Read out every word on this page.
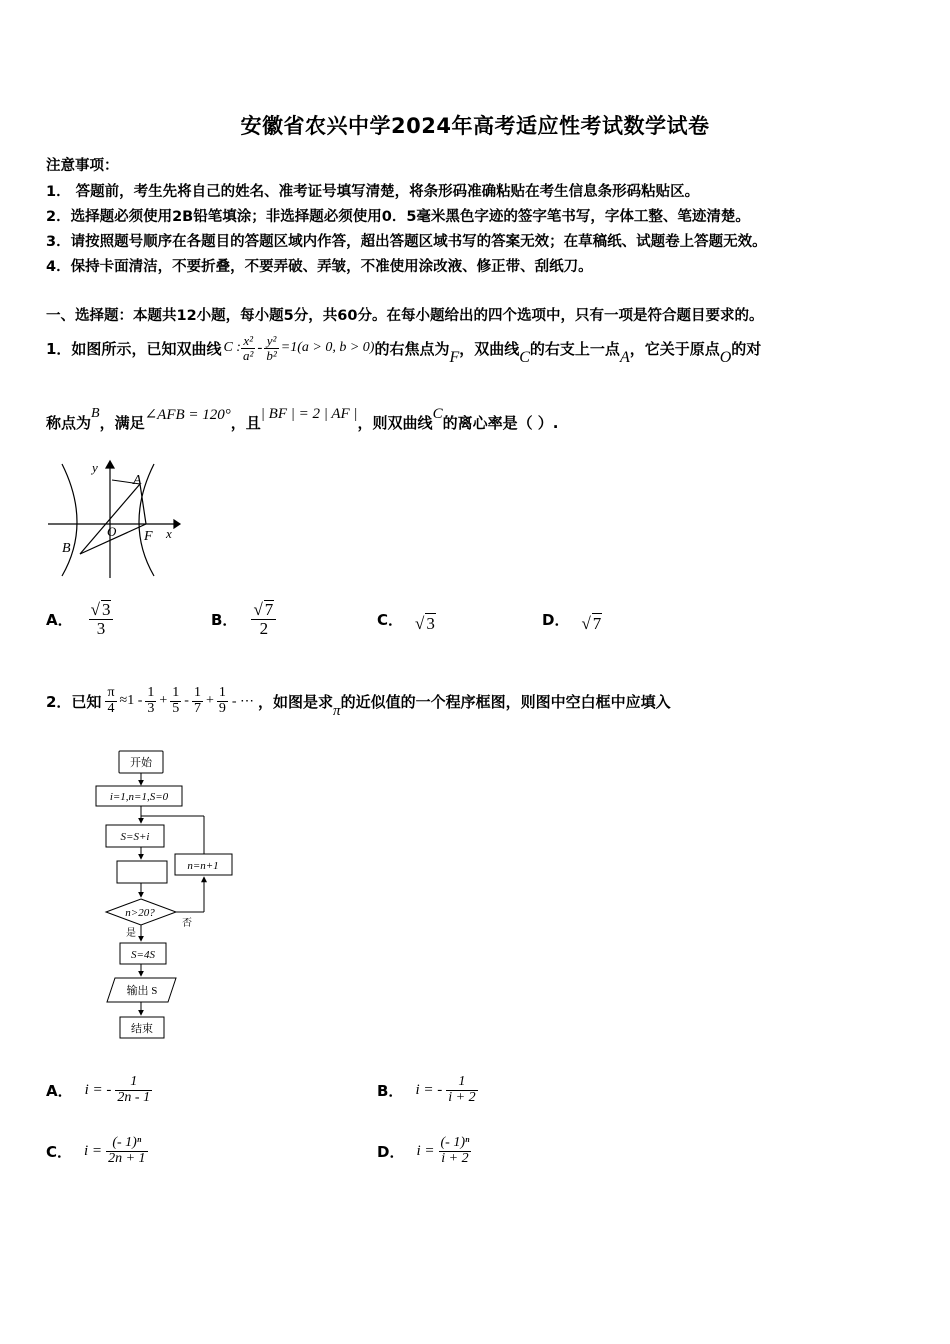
安徽省农兴中学2024年高考适应性考试数学试卷
注意事项：
1． 答题前，考生先将自己的姓名、准考证号填写清楚，将条形码准确粘贴在考生信息条形码粘贴区。
2．选择题必须使用2B铅笔填涂；非选择题必须使用0．5毫米黑色字迹的签字笔书写，字体工整、笔迹清楚。
3．请按照题号顺序在各题目的答题区域内作答，超出答题区域书写的答案无效；在草稿纸、试题卷上答题无效。
4．保持卡面清洁，不要折叠，不要弄破、弄皱，不准使用涂改液、修正带、刮纸刀。
一、选择题：本题共12小题，每小题5分，共60分。在每小题给出的四个选项中，只有一项是符合题目要求的。
1．如图所示，已知双曲线 C : $\frac{\text{x²}}{\text{a²}} - \frac{\text{y²}}{\text{b²}} =1(a > 0$, b > 0) 的右焦点为 F ，双曲线 C 的右支上一点 A ，它关于原点 O 的对
称点为 B ，满足 ∠AFB = 120° ，且 | BF | = 2 | AF | ，则双曲线 C 的离心率是（ ）.
y
A
O F
B
x
A． $\frac{√ 3}{3}$	B． $\frac{√ 7}{2}$	C． √ 3	D． √ 7
2．已知 $\frac{\pi}{4} \approx 1 - \frac{1}{3} + \frac{1}{5} - \frac{1}{7} + \frac{1}{9}$ - ⋯ ，如图是求 π 的近似值的一个程序框图，则图中空白框中应填入
开始
i=1,n=1,S=0
S=S+i
n=n+1
n>20?
否
是
S=4S
输出 S
结束
A． i = - $\frac{1}{2n - 1}$	B． i = - $\frac{1}{i + 2}$
C． $i = \frac{\text{(- 1)ⁿ}}{2n + 1}$	D． $i = \frac{\text{(- 1)ⁿ}}{i + 2}$
